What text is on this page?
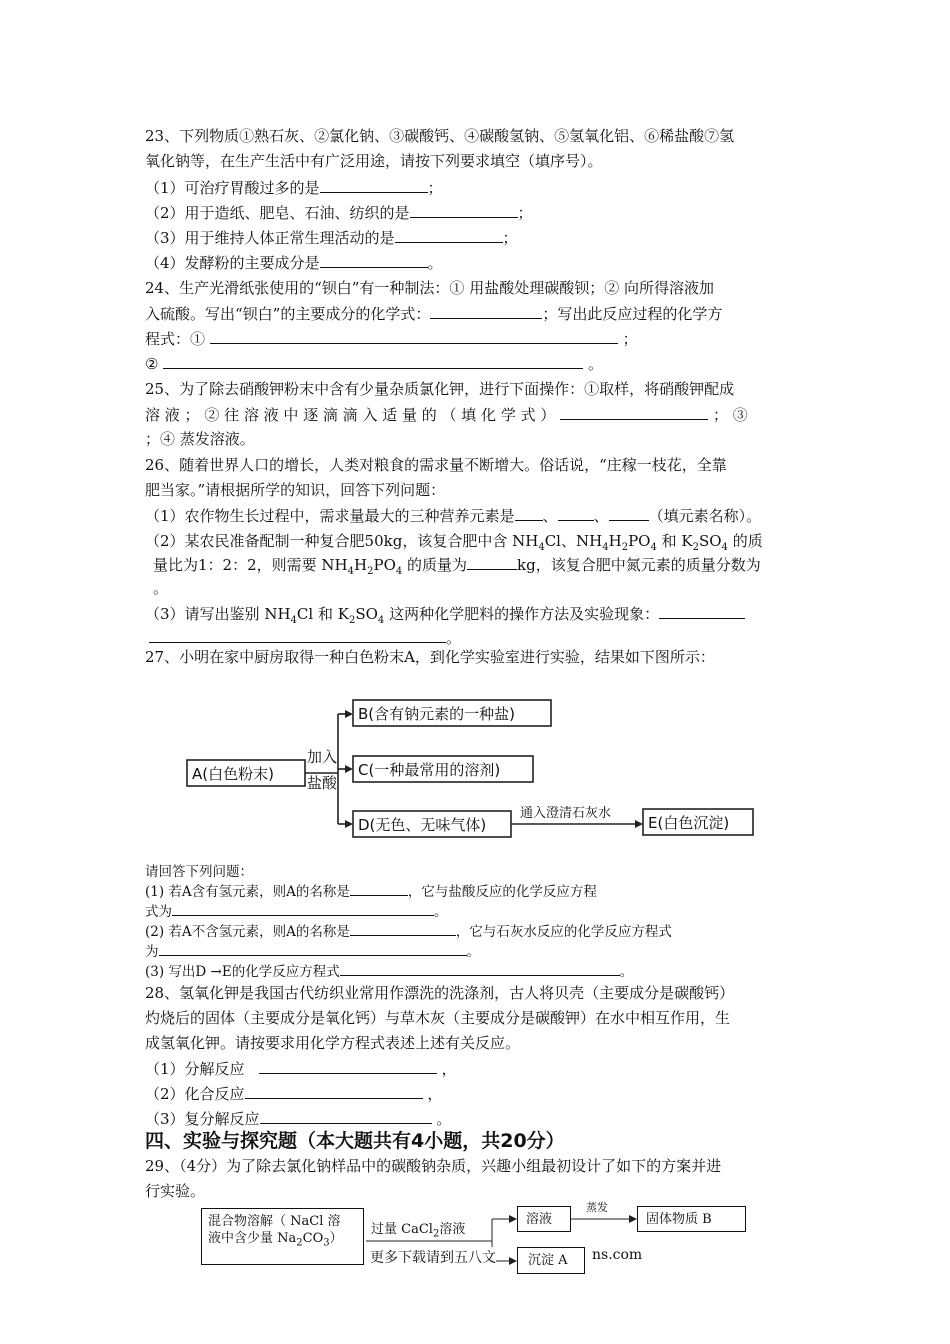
23、下列物质①熟石灰、②氯化钠、③碳酸钙、④碳酸氢钠、⑤氢氧化铝、⑥稀盐酸⑦氢
氧化钠等，在生产生活中有广泛用途，请按下列要求填空（填序号）。
（1）可治疗胃酸过多的是	；
（2）用于造纸、肥皂、石油、纺织的是	；
（3）用于维持人体正常生理活动的是	；
（4）发酵粉的主要成分是	。
24、生产光滑纸张使用的“钡白”有一种制法：① 用盐酸处理碳酸钡；② 向所得溶液加
入硫酸。写出“钡白”的主要成分的化学式：	；写出此反应过程的化学方
程式：①	；
②	。
25、为了除去硝酸钾粉末中含有少量杂质氯化钾，进行下面操作：①取样，将硝酸钾配成
溶 液 ； ② 往 溶 液 中 逐 滴 滴 入 适 量 的 （ 填 化 学 式 ）	； ③
；④ 蒸发溶液。
26、随着世界人口的增长，人类对粮食的需求量不断增大。俗话说，“庄稼一枝花，全靠
肥当家。”请根据所学的知识，回答下列问题：
（1）农作物生长过程中，需求量最大的三种营养元素是 、 、	（填元素名称）。
（2）某农民准备配制一种复合肥50kg，该复合肥中含 $NH_4Cl$、$NH_4H_2PO_4$ 和 $K_2SO_4$ 的质
量比为1：2：2，则需要 $NH_4H_2PO_4$ 的质量为	kg，该复合肥中氮元素的质量分数为
。
（3）请写出鉴别 $NH_4Cl$ 和 $K_2SO_4$ 这两种化学肥料的操作方法及实验现象：
。
27、小明在家中厨房取得一种白色粉末A，到化学实验室进行实验，结果如下图所示：
A(白色粉末)
加入
盐酸
B(含有钠元素的一种盐)
C(一种最常用的溶剂)
D(无色、无味气体)	E(白色沉淀)
通入澄清石灰水
请回答下列问题：
(1) 若A含有氢元素，则A的名称是	，它与盐酸反应的化学反应方程
式为	。
(2) 若A不含氢元素，则A的名称是	，它与石灰水反应的化学反应方程式
为	。
(3) 写出D →E的化学反应方程式	。
28、氢氧化钾是我国古代纺织业常用作漂洗的洗涤剂，古人将贝壳（主要成分是碳酸钙）
灼烧后的固体（主要成分是氧化钙）与草木灰（主要成分是碳酸钾）在水中相互作用，生
成氢氧化钾。请按要求用化学方程式表述上述有关反应。
（1）分解反应	，
（2）化合反应	，
（3）复分解反应	。
四、实验与探究题（本大题共有4小题，共20分）
29、（4分）为了除去氯化钠样品中的碳酸钠杂质，兴趣小组最初设计了如下的方案并进
行实验。
混合物溶解（ NaCl 溶
液中含少量 $Na_2CO_3$）
过量 CaCl$_2$溶液
溶液
蒸发
固体物质 B
沉淀 A
更多下载请到五八文	ns.com
